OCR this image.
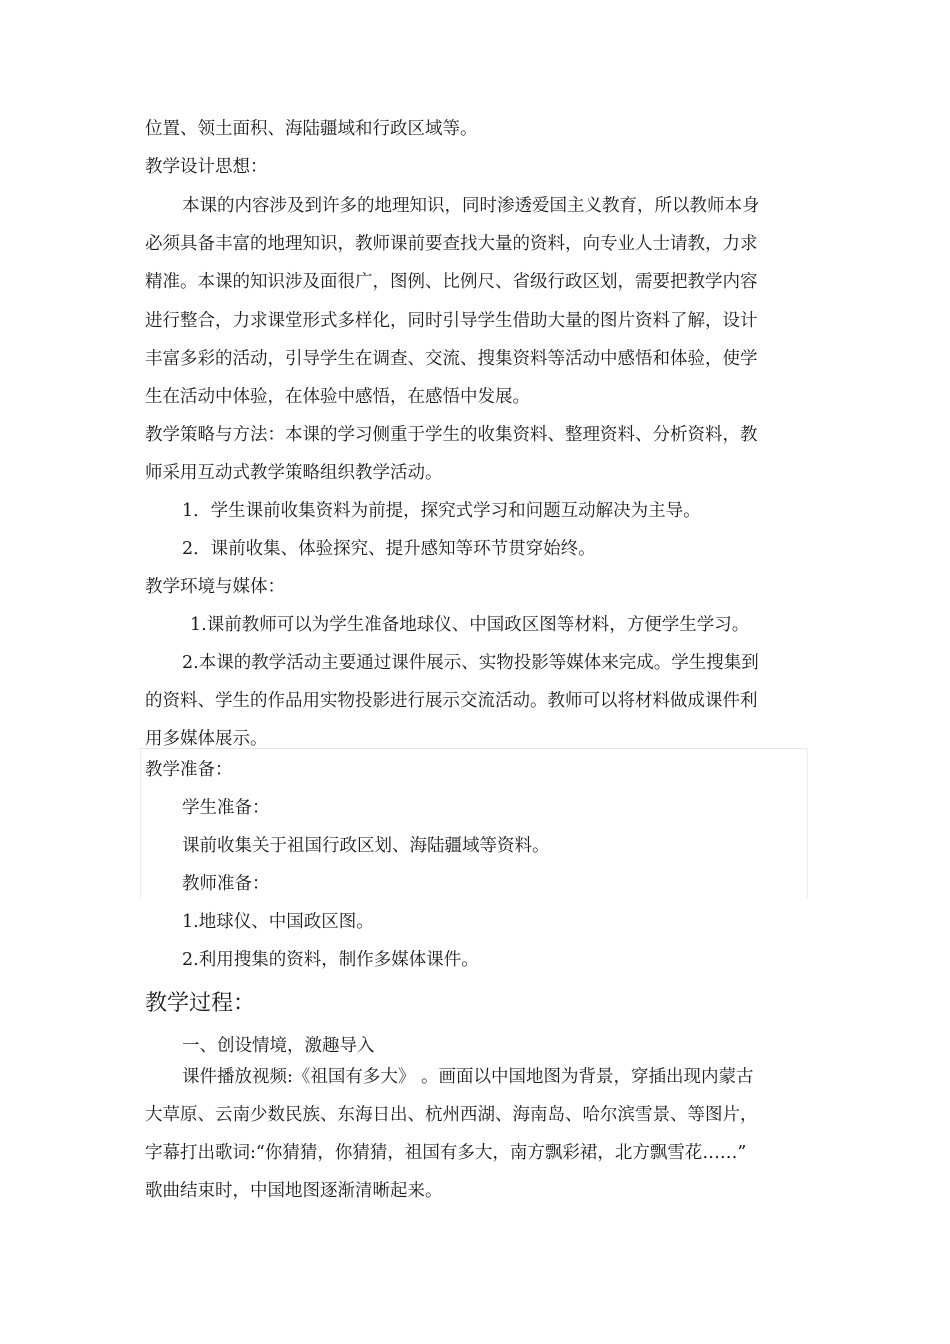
位置、领土面积、海陆疆域和行政区域等。
教学设计思想：
本课的内容涉及到许多的地理知识，同时渗透爱国主义教育，所以教师本身
必须具备丰富的地理知识，教师课前要查找大量的资料，向专业人士请教，力求
精准。本课的知识涉及面很广，图例、比例尺、省级行政区划，需要把教学内容
进行整合，力求课堂形式多样化，同时引导学生借助大量的图片资料了解，设计
丰富多彩的活动，引导学生在调查、交流、搜集资料等活动中感悟和体验，使学
生在活动中体验，在体验中感悟，在感悟中发展。
教学策略与方法：本课的学习侧重于学生的收集资料、整理资料、分析资料，教
师采用互动式教学策略组织教学活动。
1．学生课前收集资料为前提，探究式学习和问题互动解决为主导。
2．课前收集、体验探究、提升感知等环节贯穿始终。
教学环境与媒体：
1.课前教师可以为学生准备地球仪、中国政区图等材料，方便学生学习。
2.本课的教学活动主要通过课件展示、实物投影等媒体来完成。学生搜集到
的资料、学生的作品用实物投影进行展示交流活动。教师可以将材料做成课件利
用多媒体展示。
教学准备：
学生准备：
课前收集关于祖国行政区划、海陆疆域等资料。
教师准备：
1.地球仪、中国政区图。
2.利用搜集的资料，制作多媒体课件。
教学过程：
一、创设情境，激趣导入
课件播放视频:《祖国有多大》 。画面以中国地图为背景，穿插出现内蒙古
大草原、云南少数民族、东海日出、杭州西湖、海南岛、哈尔滨雪景、等图片，
字幕打出歌词:“你猜猜，你猜猜，祖国有多大，南方飘彩裙，北方飘雪花……”
歌曲结束时，中国地图逐渐清晰起来。
